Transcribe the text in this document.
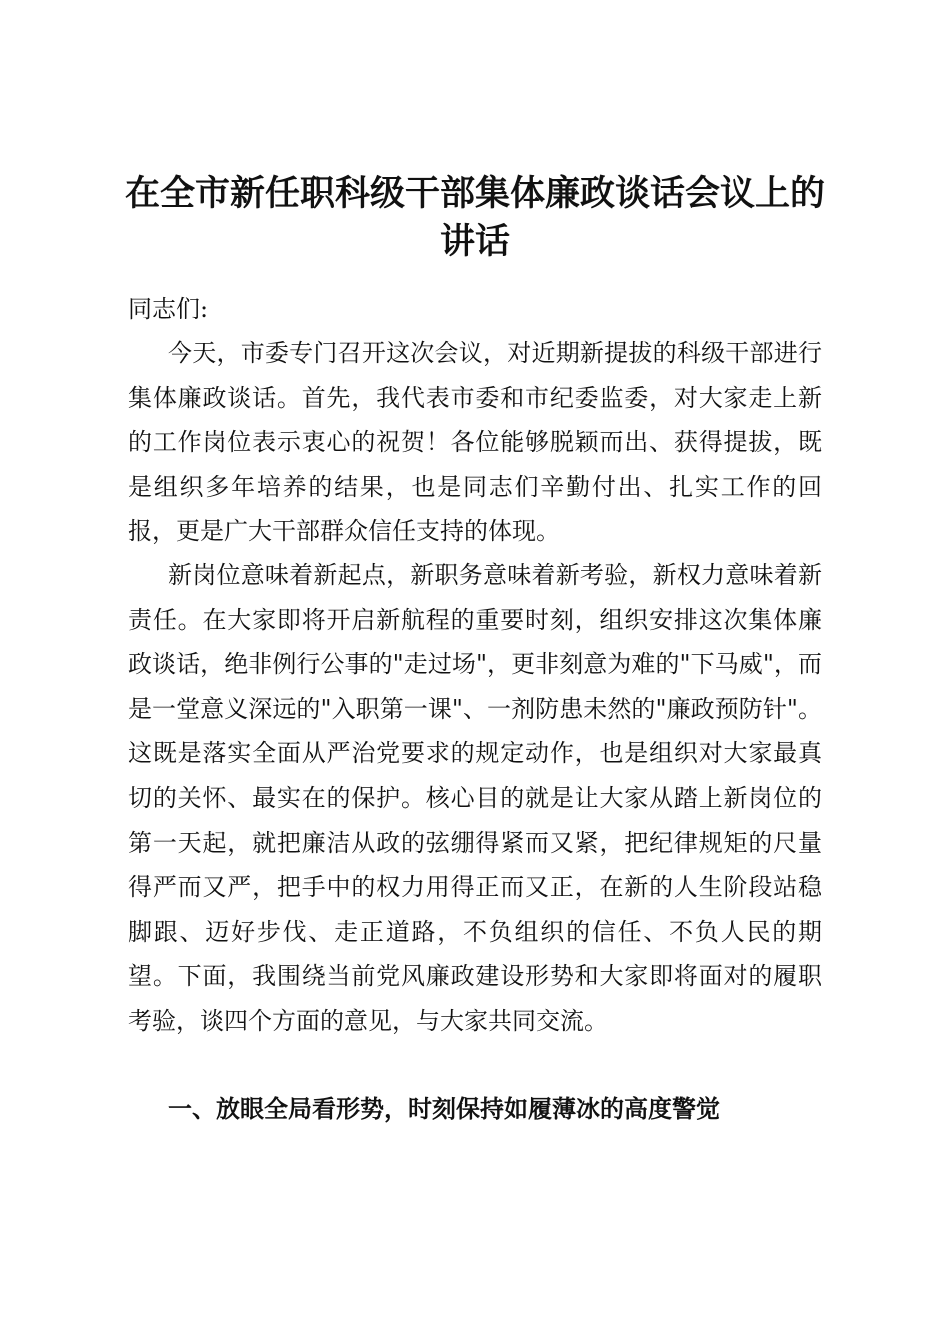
在全市新任职科级干部集体廉政谈话会议上的讲话
同志们:
今天，市委专门召开这次会议，对近期新提拔的科级干部进行集体廉政谈话。首先，我代表市委和市纪委监委，对大家走上新的工作岗位表示衷心的祝贺！各位能够脱颖而出、获得提拔，既是组织多年培养的结果，也是同志们辛勤付出、扎实工作的回报，更是广大干部群众信任支持的体现。
新岗位意味着新起点，新职务意味着新考验，新权力意味着新责任。在大家即将开启新航程的重要时刻，组织安排这次集体廉政谈话，绝非例行公事的"走过场"，更非刻意为难的"下马威"，而是一堂意义深远的"入职第一课"、一剂防患未然的"廉政预防针"。这既是落实全面从严治党要求的规定动作，也是组织对大家最真切的关怀、最实在的保护。核心目的就是让大家从踏上新岗位的第一天起，就把廉洁从政的弦绷得紧而又紧，把纪律规矩的尺量得严而又严，把手中的权力用得正而又正，在新的人生阶段站稳脚跟、迈好步伐、走正道路，不负组织的信任、不负人民的期望。下面，我围绕当前党风廉政建设形势和大家即将面对的履职考验，谈四个方面的意见，与大家共同交流。
一、放眼全局看形势，时刻保持如履薄冰的高度警觉
